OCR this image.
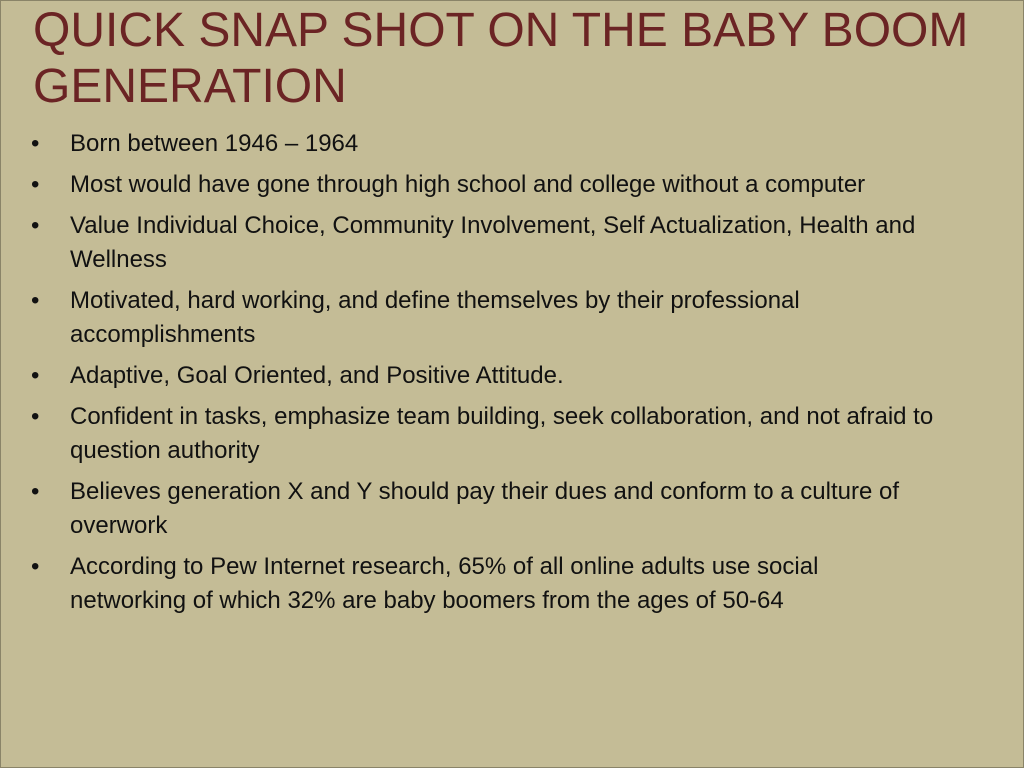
QUICK SNAP SHOT ON THE BABY BOOM GENERATION
•	Born between 1946 – 1964
•	Most would have gone through high school and college without a computer
•	Value Individual Choice, Community Involvement, Self Actualization, Health and Wellness
•	Motivated, hard working, and define themselves by their professional accomplishments
•	Adaptive, Goal Oriented, and Positive Attitude.
•	Confident in tasks, emphasize team building, seek collaboration, and not afraid to question authority
•	Believes generation X and Y should pay their dues and conform to a culture of overwork
•	According to Pew Internet research, 65% of all online adults use social networking of which 32% are baby boomers from the ages of 50-64
